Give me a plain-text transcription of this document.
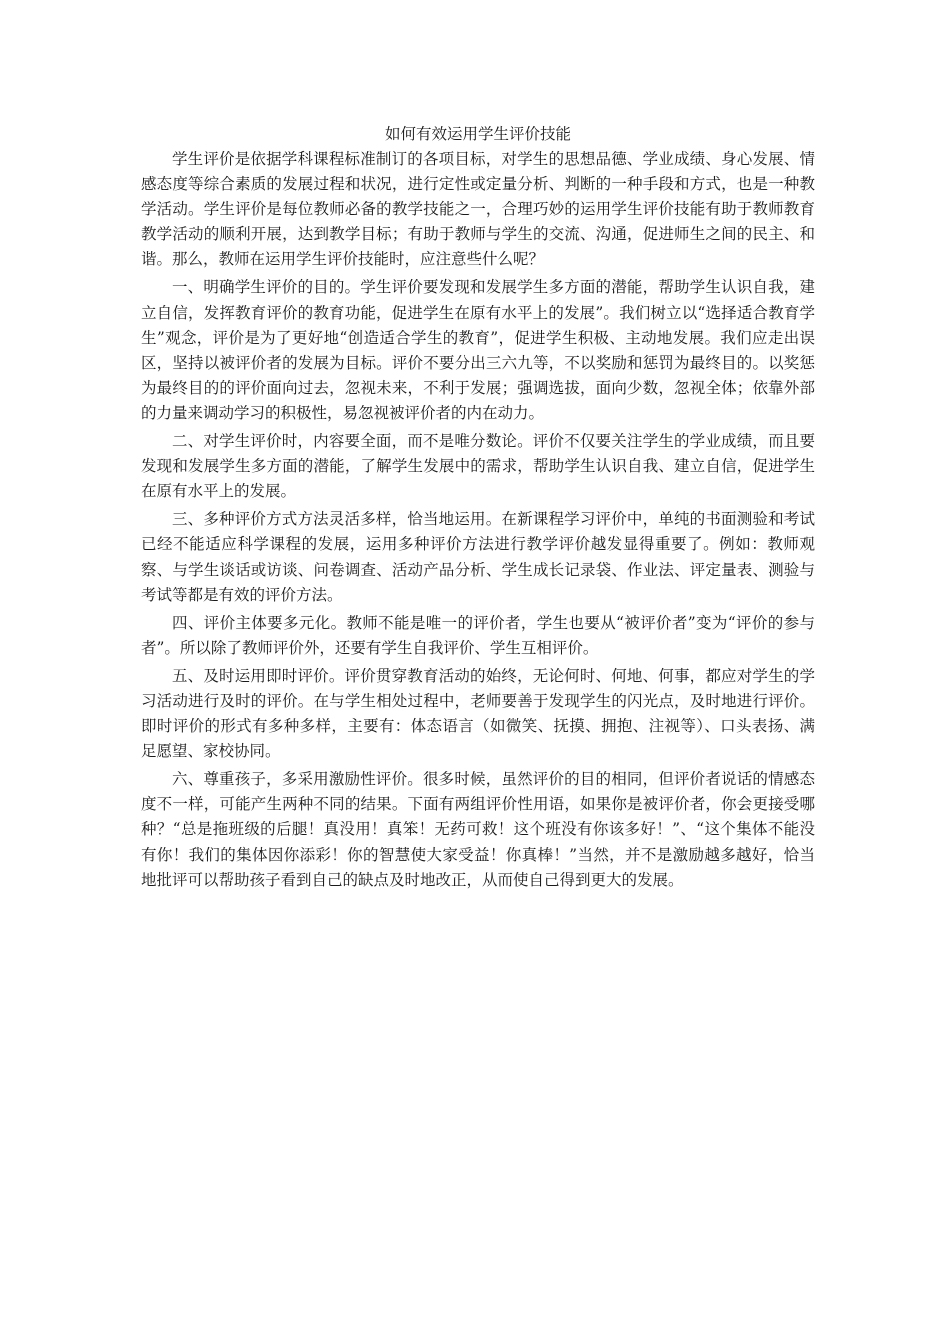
如何有效运用学生评价技能

学生评价是依据学科课程标准制订的各项目标，对学生的思想品德、学业成绩、身心发展、情感态度等综合素质的发展过程和状况，进行定性或定量分析、判断的一种手段和方式，也是一种教学活动。学生评价是每位教师必备的教学技能之一，合理巧妙的运用学生评价技能有助于教师教育教学活动的顺利开展，达到教学目标；有助于教师与学生的交流、沟通，促进师生之间的民主、和谐。那么，教师在运用学生评价技能时，应注意些什么呢？

一、明确学生评价的目的。学生评价要发现和发展学生多方面的潜能，帮助学生认识自我，建立自信，发挥教育评价的教育功能，促进学生在原有水平上的发展”。我们树立以“选择适合教育学生”观念，评价是为了更好地“创造适合学生的教育”，促进学生积极、主动地发展。我们应走出误区，坚持以被评价者的发展为目标。评价不要分出三六九等，不以奖励和惩罚为最终目的。以奖惩为最终目的的评价面向过去，忽视未来，不利于发展；强调选拔，面向少数，忽视全体；依靠外部的力量来调动学习的积极性，易忽视被评价者的内在动力。

二、对学生评价时，内容要全面，而不是唯分数论。评价不仅要关注学生的学业成绩，而且要发现和发展学生多方面的潜能，了解学生发展中的需求，帮助学生认识自我、建立自信，促进学生在原有水平上的发展。

三、多种评价方式方法灵活多样，恰当地运用。在新课程学习评价中，单纯的书面测验和考试已经不能适应科学课程的发展，运用多种评价方法进行教学评价越发显得重要了。例如：教师观察、与学生谈话或访谈、问卷调查、活动产品分析、学生成长记录袋、作业法、评定量表、测验与考试等都是有效的评价方法。

四、评价主体要多元化。教师不能是唯一的评价者，学生也要从“被评价者”变为“评价的参与者”。所以除了教师评价外，还要有学生自我评价、学生互相评价。

五、及时运用即时评价。评价贯穿教育活动的始终，无论何时、何地、何事，都应对学生的学习活动进行及时的评价。在与学生相处过程中，老师要善于发现学生的闪光点，及时地进行评价。即时评价的形式有多种多样，主要有：体态语言（如微笑、抚摸、拥抱、注视等）、口头表扬、满足愿望、家校协同。

六、尊重孩子，多采用激励性评价。很多时候，虽然评价的目的相同，但评价者说话的情感态度不一样，可能产生两种不同的结果。下面有两组评价性用语，如果你是被评价者，你会更接受哪种？“总是拖班级的后腿！真没用！真笨！无药可救！这个班没有你该多好！”、“这个集体不能没有你！我们的集体因你添彩！你的智慧使大家受益！你真棒！”当然，并不是激励越多越好，恰当地批评可以帮助孩子看到自己的缺点及时地改正，从而使自己得到更大的发展。
